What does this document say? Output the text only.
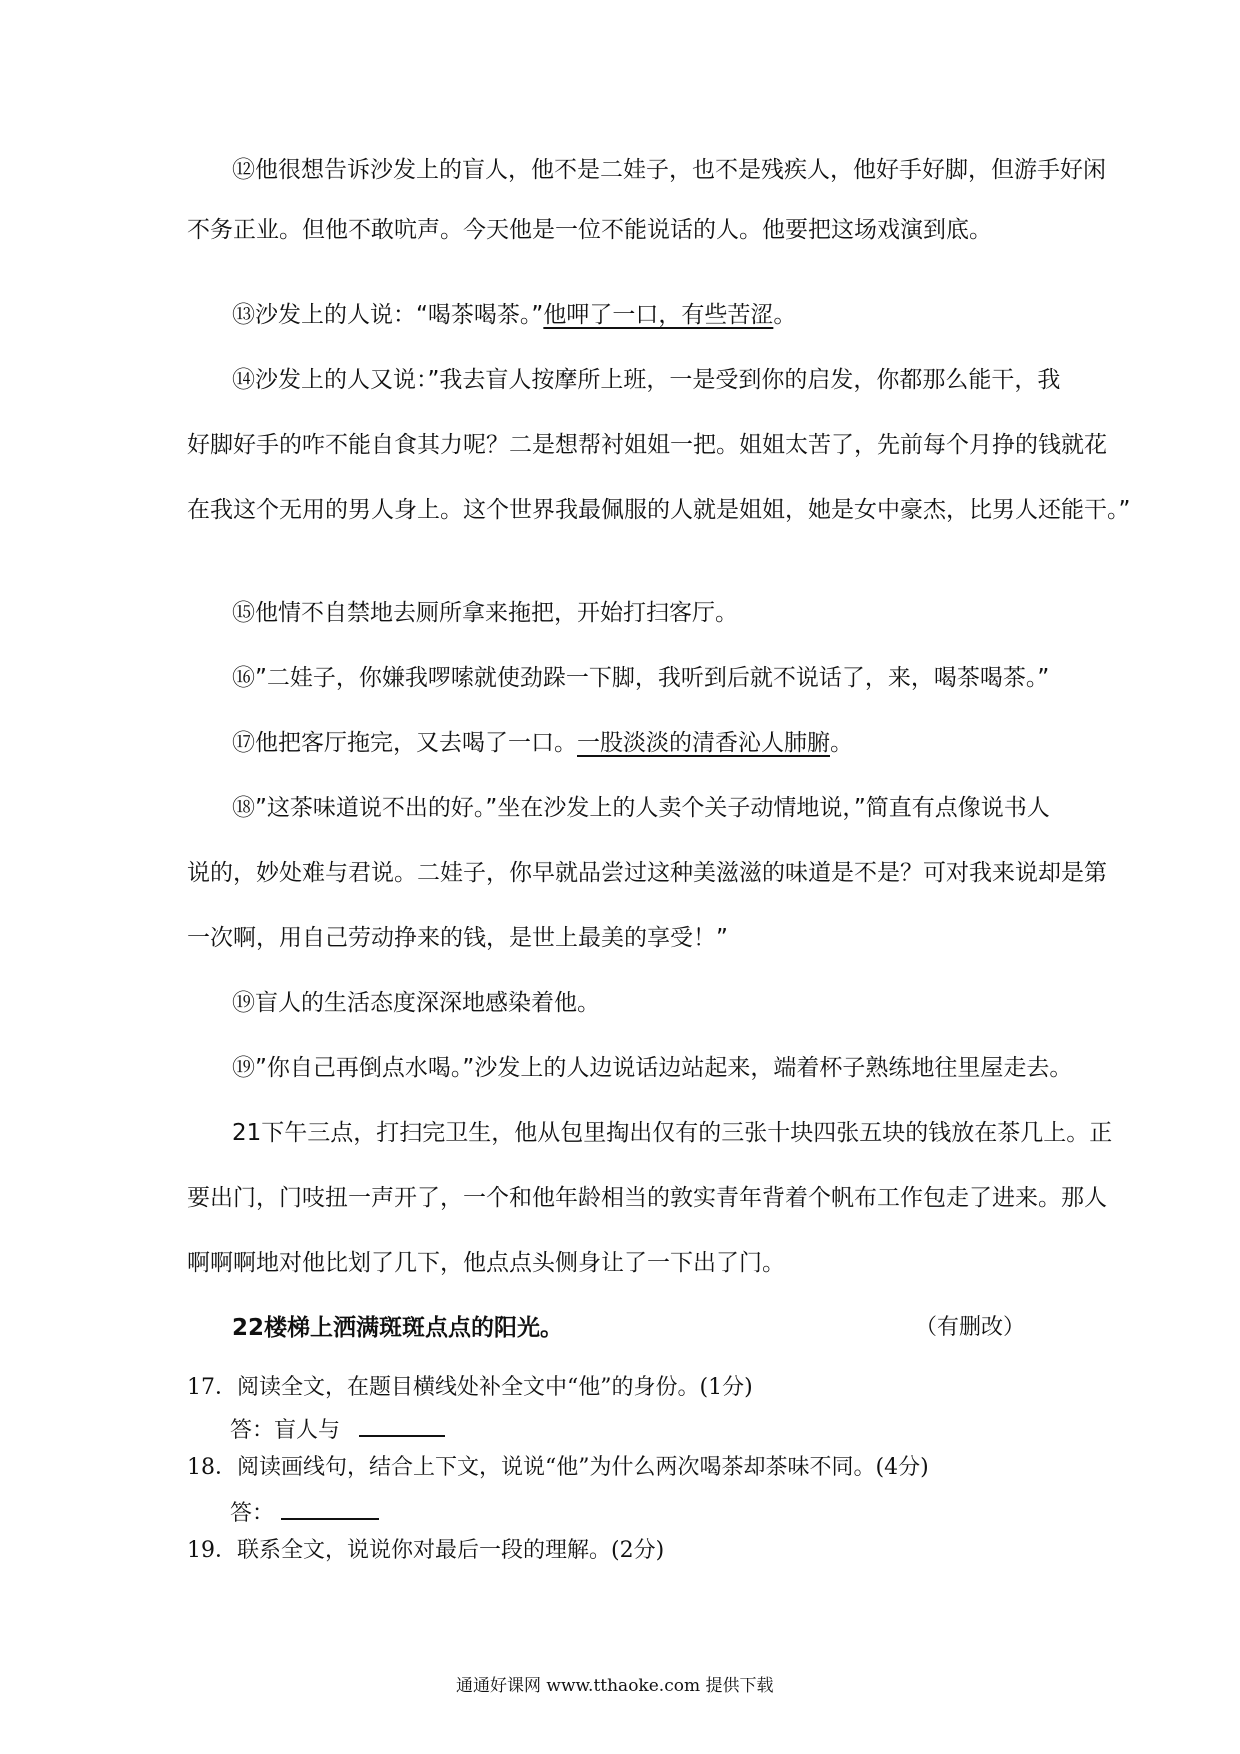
⑫他很想告诉沙发上的盲人，他不是二娃子，也不是残疾人，他好手好脚，但游手好闲
不务正业。但他不敢吭声。今天他是一位不能说话的人。他要把这场戏演到底。
⑬沙发上的人说：“喝茶喝茶。”他呷了一口，有些苦涩。
⑭沙发上的人又说：”我去盲人按摩所上班，一是受到你的启发，你都那么能干，我
好脚好手的咋不能自食其力呢？二是想帮衬姐姐一把。姐姐太苦了，先前每个月挣的钱就花
在我这个无用的男人身上。这个世界我最佩服的人就是姐姐，她是女中豪杰，比男人还能干。”
⑮他情不自禁地去厕所拿来拖把，开始打扫客厅。
⑯”二娃子，你嫌我啰嗦就使劲跺一下脚，我听到后就不说话了，来，喝茶喝茶。”
⑰他把客厅拖完，又去喝了一口。一股淡淡的清香沁人肺腑。
⑱”这茶味道说不出的好。”坐在沙发上的人卖个关子动情地说，”简直有点像说书人
说的，妙处难与君说。二娃子，你早就品尝过这种美滋滋的味道是不是？可对我来说却是第
一次啊，用自己劳动挣来的钱，是世上最美的享受！”
⑲盲人的生活态度深深地感染着他。
⑲”你自己再倒点水喝。”沙发上的人边说话边站起来，端着杯子熟练地往里屋走去。
21下午三点，打扫完卫生，他从包里掏出仅有的三张十块四张五块的钱放在茶几上。正
要出门，门吱扭一声开了，一个和他年龄相当的敦实青年背着个帆布工作包走了进来。那人
啊啊啊地对他比划了几下，他点点头侧身让了一下出了门。
22楼梯上洒满斑斑点点的阳光。	（有删改）
17．阅读全文，在题目横线处补全文中“他”的身份。(1分)
答：盲人与
18．阅读画线句，结合上下文，说说“他”为什么两次喝茶却茶味不同。(4分)
答：
19．联系全文，说说你对最后一段的理解。(2分)
通通好课网 www.tthaoke.com 提供下载
